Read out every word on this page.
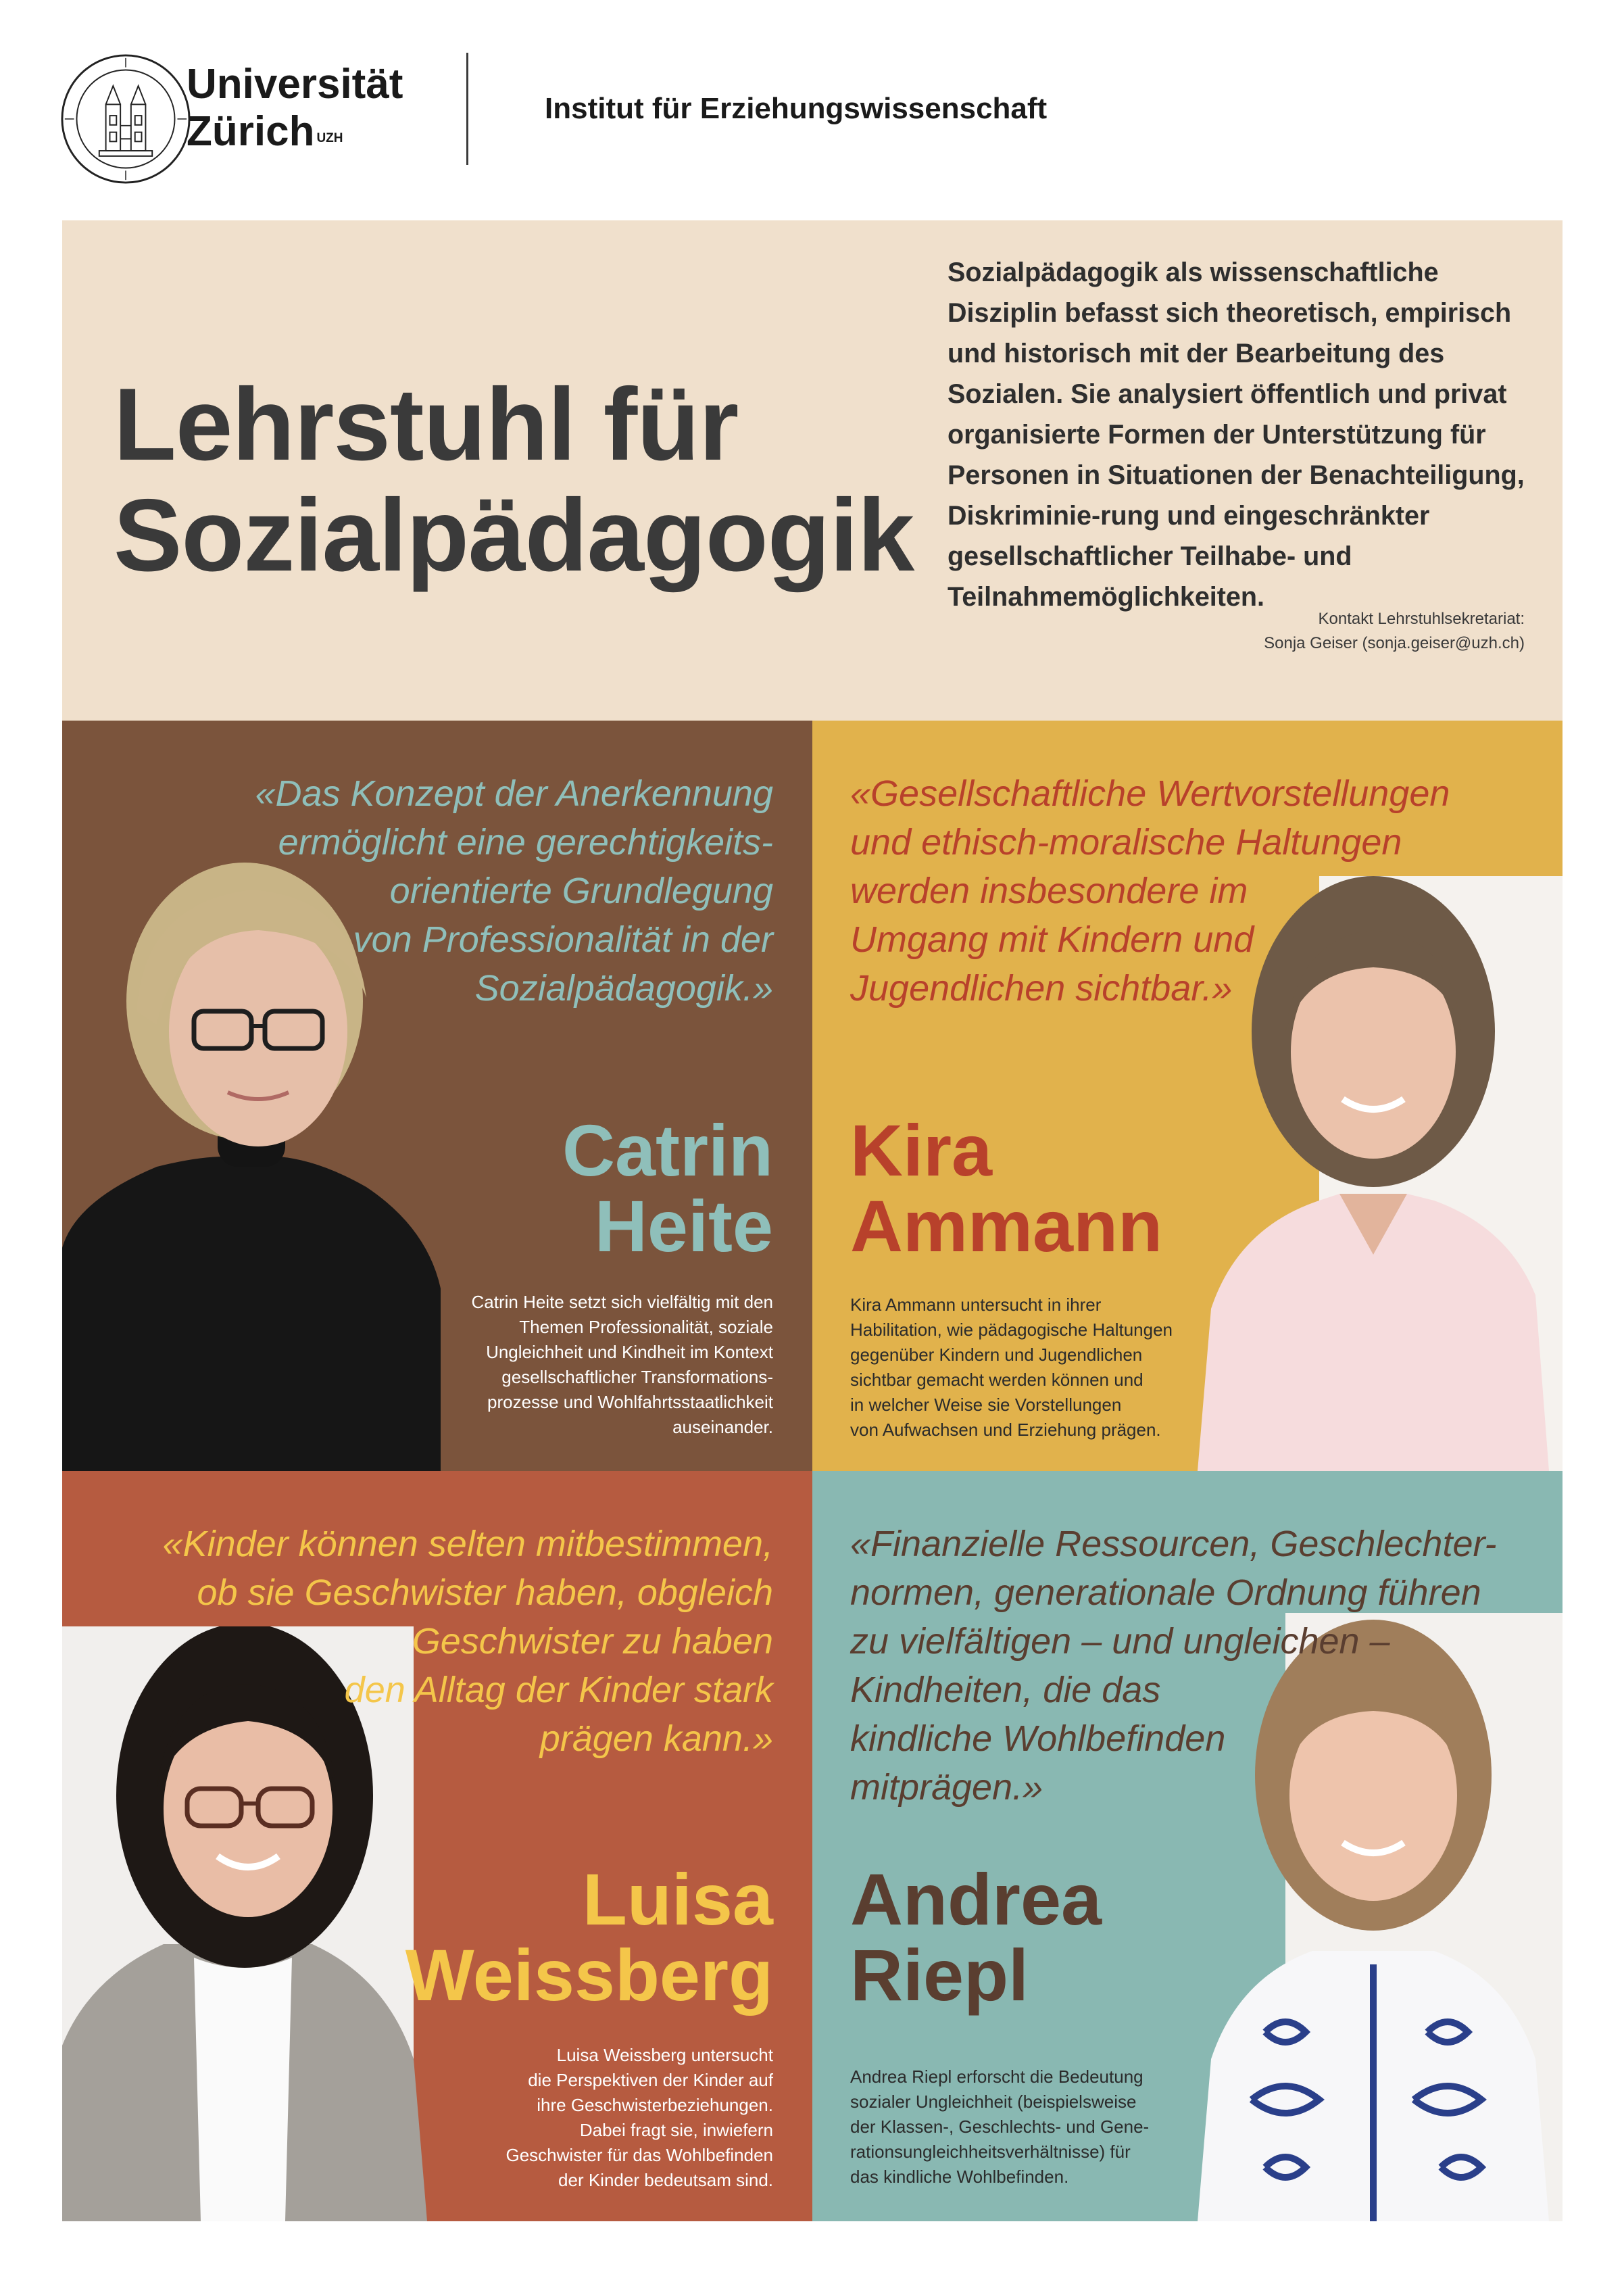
Universität
Zürich $^{UZH}$
Institut für Erziehungswissenschaft
Lehrstuhl für
Sozialpädagogik

Sozialpädagogik als wissenschaftliche Disziplin befasst sich theoretisch, empirisch und historisch mit der Bearbeitung des Sozialen. Sie analysiert öffentlich und privat organisierte Formen der Unterstützung für Personen in Situationen der Benachteiligung, Diskriminie-rung und eingeschränkter gesellschaftlicher Teilhabe- und Teilnahmemöglichkeiten.

Kontakt Lehrstuhlsekretariat:
Sonja Geiser (sonja.geiser@uzh.ch)

«Das Konzept der Anerkennung
ermöglicht eine gerechtigkeits-
orientierte Grundlegung
von Professionalität in der
Sozialpädagogik.»

Catrin
Heite

Catrin Heite setzt sich vielfältig mit den
Themen Professionalität, soziale
Ungleichheit und Kindheit im Kontext
gesellschaftlicher Transformations-
prozesse und Wohlfahrtsstaatlichkeit
auseinander.

«Gesellschaftliche Wertvorstellungen
und ethisch-moralische Haltungen
werden insbesondere im
Umgang mit Kindern und
Jugendlichen sichtbar.»

Kira
Ammann

Kira Ammann untersucht in ihrer
Habilitation, wie pädagogische Haltungen
gegenüber Kindern und Jugendlichen
sichtbar gemacht werden können und
in welcher Weise sie Vorstellungen
von Aufwachsen und Erziehung prägen.

«Kinder können selten mitbestimmen,
ob sie Geschwister haben, obgleich
Geschwister zu haben
den Alltag der Kinder stark
prägen kann.»

Luisa
Weissberg

Luisa Weissberg untersucht
die Perspektiven der Kinder auf
ihre Geschwisterbeziehungen.
Dabei fragt sie, inwiefern
Geschwister für das Wohlbefinden
der Kinder bedeutsam sind.

«Finanzielle Ressourcen, Geschlechter-
normen, generationale Ordnung führen
zu vielfältigen – und ungleichen –
Kindheiten, die das
kindliche Wohlbefinden
mitprägen.»

Andrea
Riepl

Andrea Riepl erforscht die Bedeutung
sozialer Ungleichheit (beispielsweise
der Klassen-, Geschlechts- und Gene-
rationsungleichheitsverhältnisse) für
das kindliche Wohlbefinden.
